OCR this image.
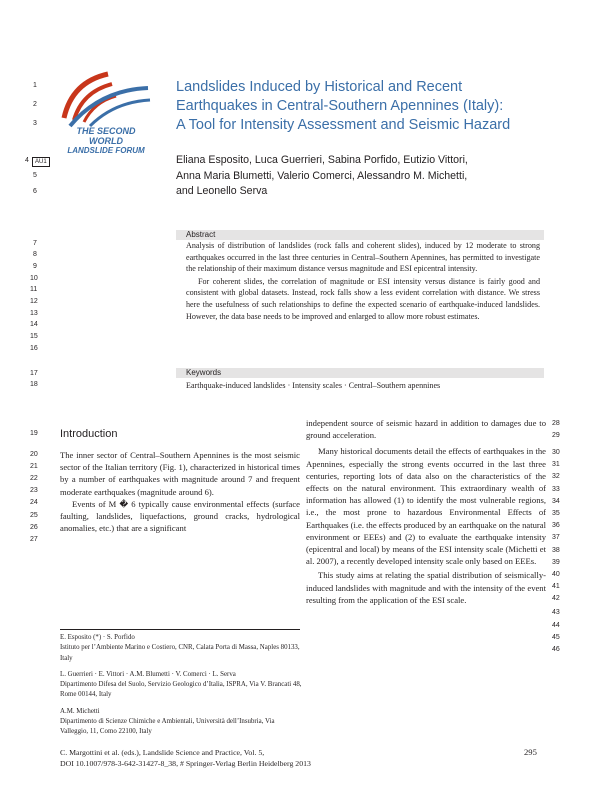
THE SECOND
WORLD
LANDSLIDE FORUM
Landslides Induced by Historical and Recent
Earthquakes in Central-Southern Apennines (Italy):
A Tool for Intensity Assessment and Seismic Hazard
AU1	Eliana Esposito, Luca Guerrieri, Sabina Porfido, Eutizio Vittori,
Anna Maria Blumetti, Valerio Comerci, Alessandro M. Michetti,
and Leonello Serva
Abstract

Analysis of distribution of landslides (rock falls and coherent slides), induced by 12 moderate to strong earthquakes occurred in the last three centuries in Central–Southern Apennines, has permitted to investigate the relationship of their maximum distance versus magnitude and ESI epicentral intensity.

For coherent slides, the correlation of magnitude or ESI intensity versus distance is fairly good and consistent with global datasets. Instead, rock falls show a less evident correlation with distance. We stress here the usefulness of such relationships to define the expected scenario of earthquake-induced landslides. However, the data base needs to be improved and enlarged to allow more robust estimates.

Keywords
Earthquake-induced landslides · Intensity scales · Central–Southern apennines
Introduction

The inner sector of Central–Southern Apennines is the most seismic sector of the Italian territory (Fig. 1), characterized in historical times by a number of earthquakes with magnitude around 7 and frequent moderate earthquakes (magnitude around 6).

Events of M � 6 typically cause environmental effects (surface faulting, landslides, liquefactions, ground cracks, hydrological anomalies, etc.) that are a significant

independent source of seismic hazard in addition to damages due to ground acceleration.

Many historical documents detail the effects of earthquakes in the Apennines, especially the strong events occurred in the last three centuries, reporting lots of data also on the characteristics of the effects on the natural environment. This extraordinary wealth of information has allowed (1) to identify the most vulnerable regions, i.e., the most prone to hazardous Environmental Effects of Earthquakes (i.e. the effects produced by an earthquake on the natural environment or EEEs) and (2) to evaluate the earthquake intensity (epicentral and local) by means of the ESI intensity scale (Michetti et al. 2007), a recently developed intensity scale only based on EEEs.

This study aims at relating the spatial distribution of seismically-induced landslides with magnitude and with the intensity of the event resulting from the application of the ESI scale.

E. Esposito (*) · S. Porfido
Istituto per l’Ambiente Marino e Costiero, CNR, Calata Porta di Massa, Naples 80133, Italy

L. Guerrieri · E. Vittori · A.M. Blumetti · V. Comerci · L. Serva
Dipartimento Difesa del Suolo, Servizio Geologico d’Italia, ISPRA, Via V. Brancati 48, Rome 00144, Italy

A.M. Michetti
Dipartimento di Scienze Chimiche e Ambientali, Università dell’Insubria, Via Valleggio, 11, Como 22100, Italy

C. Margottini et al. (eds.), Landslide Science and Practice, Vol. 5,
DOI 10.1007/978-3-642-31427-8_38, # Springer-Verlag Berlin Heidelberg 2013
295
1
2
3
4
5
6
7
8
9
10
11
12
13
14
15
16
17
18
19
20
21
22
23
24
25
26
27
28
29
30
31
32
33
34
35
36
37
38
39
40
41
42
43
44
45
46
